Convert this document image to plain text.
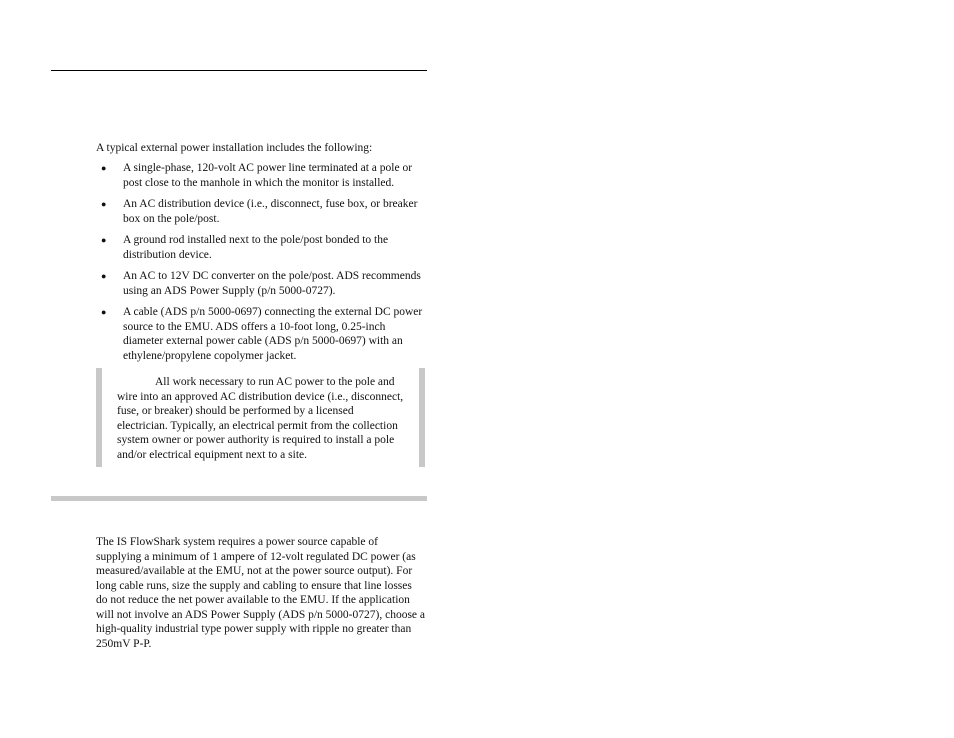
A typical external power installation includes the following:

● A single-phase, 120-volt AC power line terminated at a pole or post close to the manhole in which the monitor is installed.
● An AC distribution device (i.e., disconnect, fuse box, or breaker box on the pole/post.
● A ground rod installed next to the pole/post bonded to the distribution device.
● An AC to 12V DC converter on the pole/post. ADS recommends using an ADS Power Supply (p/n 5000-0727).
● A cable (ADS p/n 5000-0697) connecting the external DC power source to the EMU. ADS offers a 10-foot long, 0.25-inch diameter external power cable (ADS p/n 5000-0697) with an ethylene/propylene copolymer jacket.

All work necessary to run AC power to the pole and wire into an approved AC distribution device (i.e., disconnect, fuse, or breaker) should be performed by a licensed electrician. Typically, an electrical permit from the collection system owner or power authority is required to install a pole and/or electrical equipment next to a site.

The IS FlowShark system requires a power source capable of supplying a minimum of 1 ampere of 12-volt regulated DC power (as measured/available at the EMU, not at the power source output). For long cable runs, size the supply and cabling to ensure that line losses do not reduce the net power available to the EMU. If the application will not involve an ADS Power Supply (ADS p/n 5000-0727), choose a high-quality industrial type power supply with ripple no greater than 250mV P-P.
